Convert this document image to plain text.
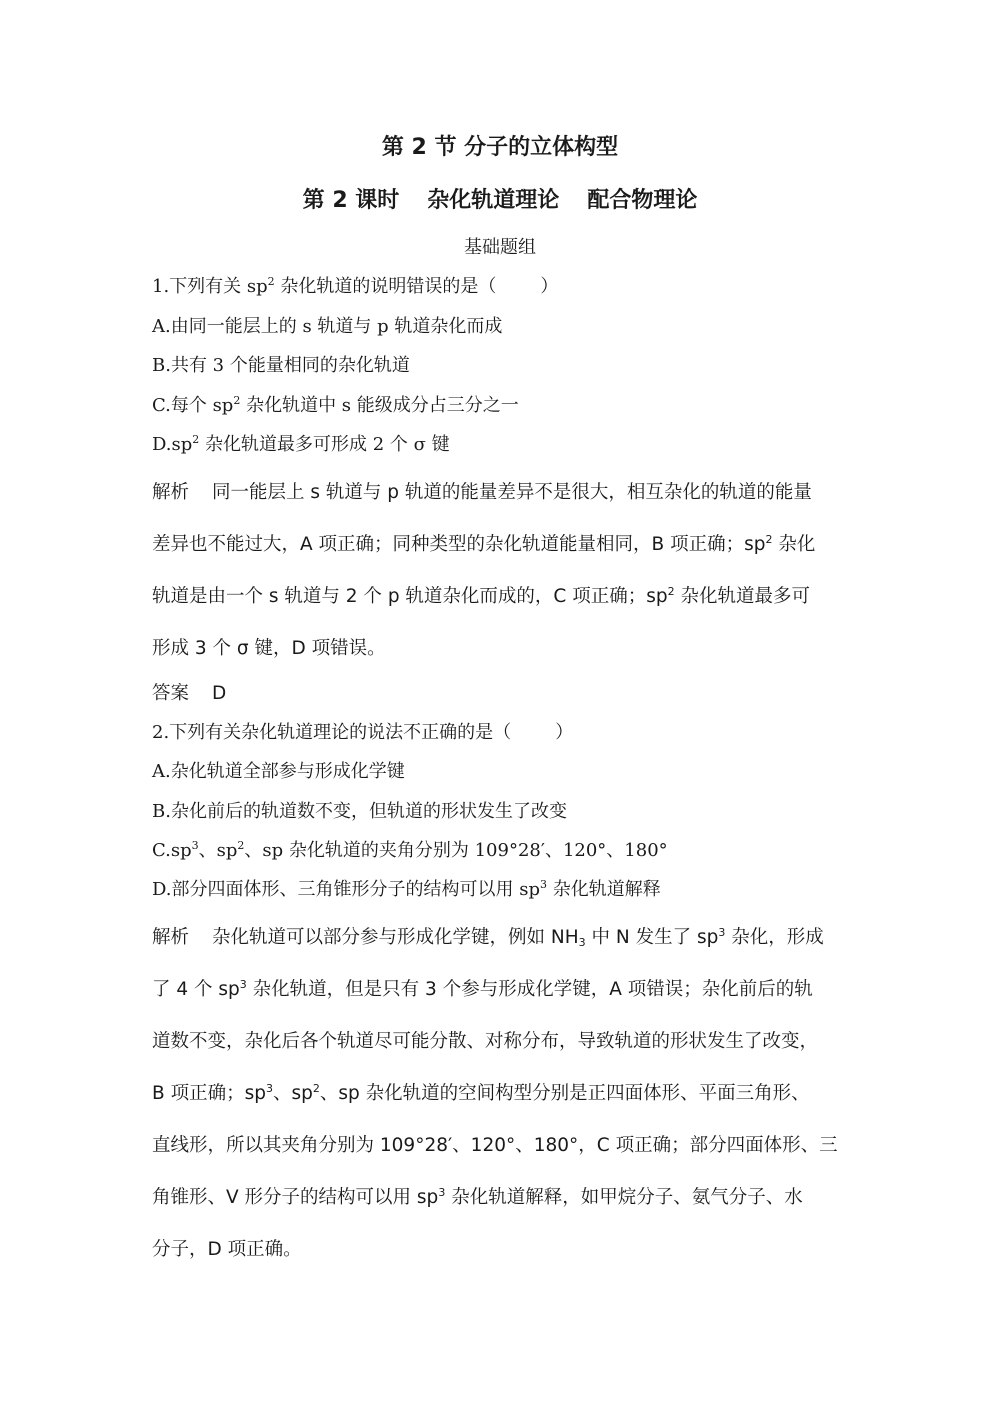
第 2 节 分子的立体构型
第 2 课时 杂化轨道理论 配合物理论
基础题组
1.下列有关 $sp^2$ 杂化轨道的说明错误的是（ ）
A.由同一能层上的 s 轨道与 p 轨道杂化而成
B.共有 3 个能量相同的杂化轨道
C.每个 $sp^2$ 杂化轨道中 s 能级成分占三分之一
$D.sp^2$ 杂化轨道最多可形成 2 个 σ 键
解析 同一能层上 s 轨道与 p 轨道的能量差异不是很大，相互杂化的轨道的能量
差异也不能过大，A 项正确；同种类型的杂化轨道能量相同，B 项正确；$sp^2$ 杂化
轨道是由一个 s 轨道与 2 个 p 轨道杂化而成的，C 项正确；$sp^2$ 杂化轨道最多可
形成 3 个 σ 键，D 项错误。
答案 D
2.下列有关杂化轨道理论的说法不正确的是（ ）
A.杂化轨道全部参与形成化学键
B.杂化前后的轨道数不变，但轨道的形状发生了改变
$C.sp^3$、$sp^2$、sp 杂化轨道的夹角分别为 109°28′、120°、180°
D.部分四面体形、三角锥形分子的结构可以用 $sp^3$ 杂化轨道解释
解析 杂化轨道可以部分参与形成化学键，例如 $NH_3$ 中 N 发生了 $sp^3$ 杂化，形成
了 4 个 $sp^3$ 杂化轨道，但是只有 3 个参与形成化学键，A 项错误；杂化前后的轨
道数不变，杂化后各个轨道尽可能分散、对称分布，导致轨道的形状发生了改变，
B 项正确；$sp^3$、$sp^2$、sp 杂化轨道的空间构型分别是正四面体形、平面三角形、
直线形，所以其夹角分别为 109°28′、120°、180°，C 项正确；部分四面体形、三
角锥形、V 形分子的结构可以用 $sp^3$ 杂化轨道解释，如甲烷分子、氨气分子、水
分子，D 项正确。
